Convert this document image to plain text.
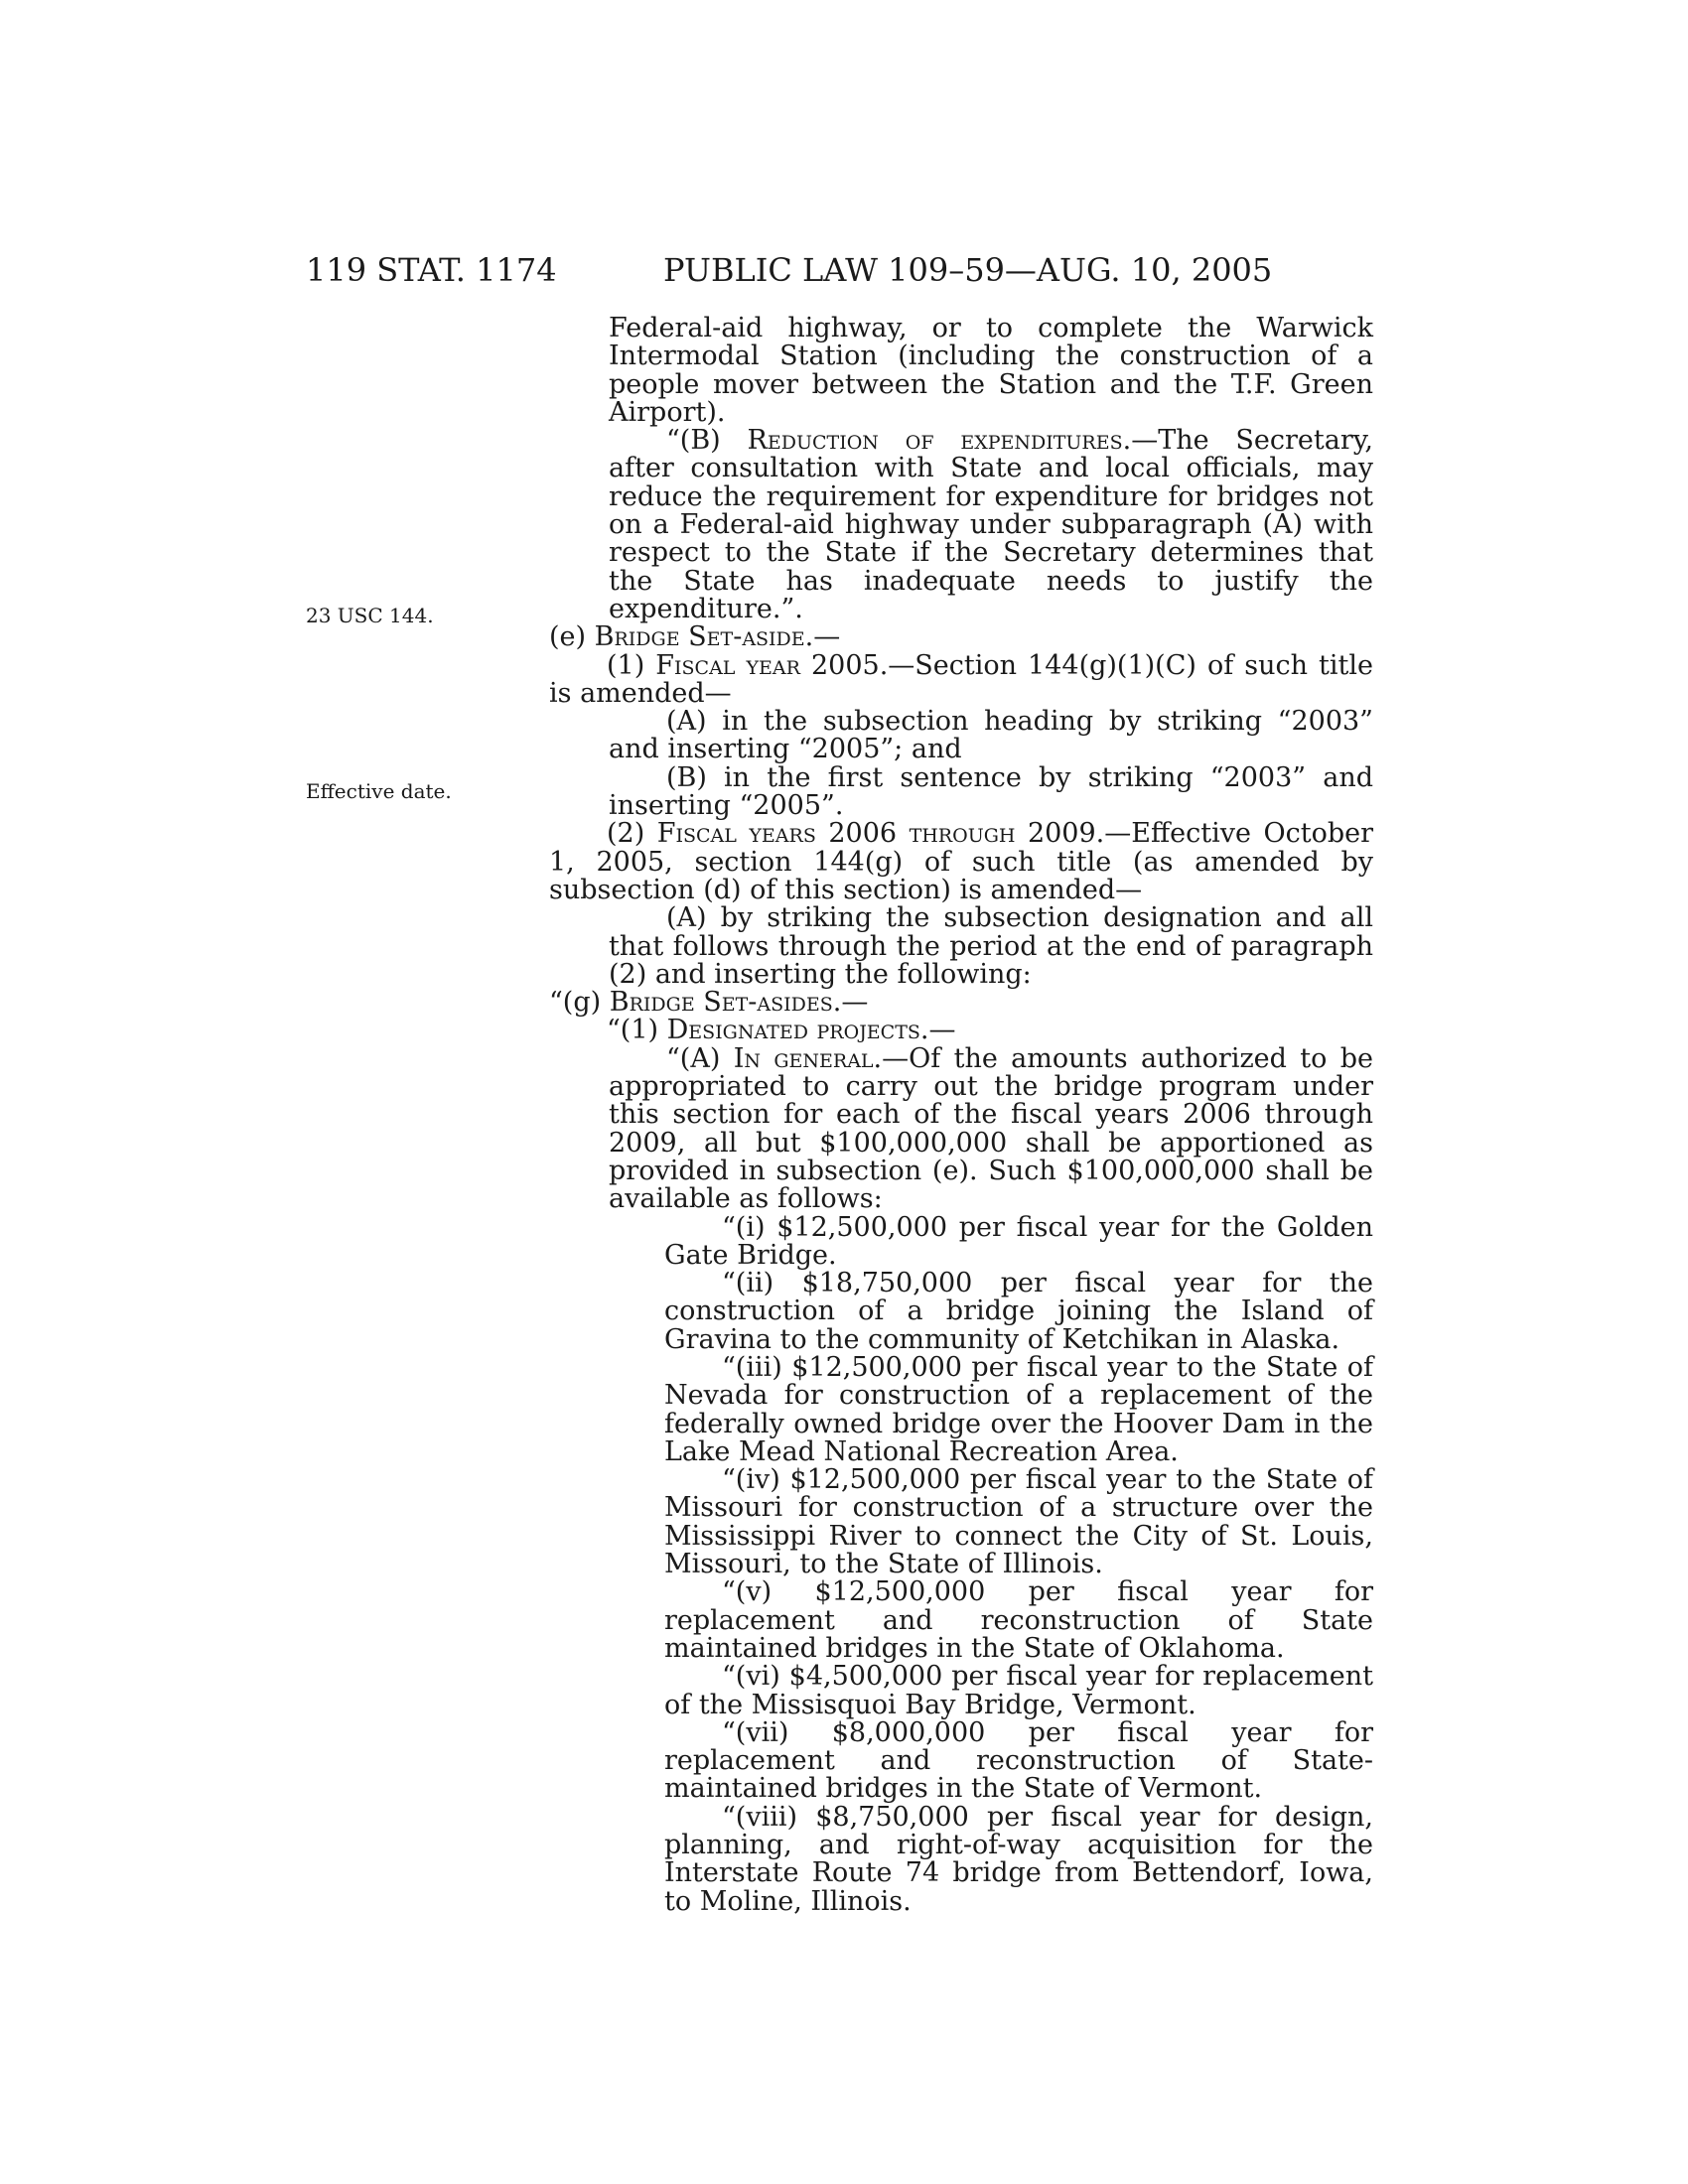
119 STAT. 1174	PUBLIC LAW 109–59—AUG. 10, 2005
23 USC 144.
Effective date.

Federal-aid highway, or to complete the Warwick Intermodal Station (including the construction of a people mover between the Station and the T.F. Green Airport).

“(B) Reduction of expenditures.—The Secretary, after consultation with State and local officials, may reduce the requirement for expenditure for bridges not on a Federal-aid highway under subparagraph (A) with respect to the State if the Secretary determines that the State has inadequate needs to justify the expenditure.”.

(e) Bridge Set-aside.—

(1) Fiscal year 2005.—Section 144(g)(1)(C) of such title is amended—

(A) in the subsection heading by striking “2003” and inserting “2005”; and

(B) in the first sentence by striking “2003” and inserting “2005”.

(2) Fiscal years 2006 through 2009.—Effective October 1, 2005, section 144(g) of such title (as amended by subsection (d) of this section) is amended—

(A) by striking the subsection designation and all that follows through the period at the end of paragraph (2) and inserting the following:

“(g) Bridge Set-asides.—

“(1) Designated projects.—

“(A) In general.—Of the amounts authorized to be appropriated to carry out the bridge program under this section for each of the fiscal years 2006 through 2009, all but $100,000,000 shall be apportioned as provided in subsection (e). Such $100,000,000 shall be available as follows:

“(i) $12,500,000 per fiscal year for the Golden Gate Bridge.

“(ii) $18,750,000 per fiscal year for the construction of a bridge joining the Island of Gravina to the community of Ketchikan in Alaska.

“(iii) $12,500,000 per fiscal year to the State of Nevada for construction of a replacement of the federally owned bridge over the Hoover Dam in the Lake Mead National Recreation Area.

“(iv) $12,500,000 per fiscal year to the State of Missouri for construction of a structure over the Mississippi River to connect the City of St. Louis, Missouri, to the State of Illinois.

“(v) $12,500,000 per fiscal year for replacement and reconstruction of State maintained bridges in the State of Oklahoma.

“(vi) $4,500,000 per fiscal year for replacement of the Missisquoi Bay Bridge, Vermont.

“(vii) $8,000,000 per fiscal year for replacement and reconstruction of State-maintained bridges in the State of Vermont.

“(viii) $8,750,000 per fiscal year for design, planning, and right-of-way acquisition for the Interstate Route 74 bridge from Bettendorf, Iowa, to Moline, Illinois.
